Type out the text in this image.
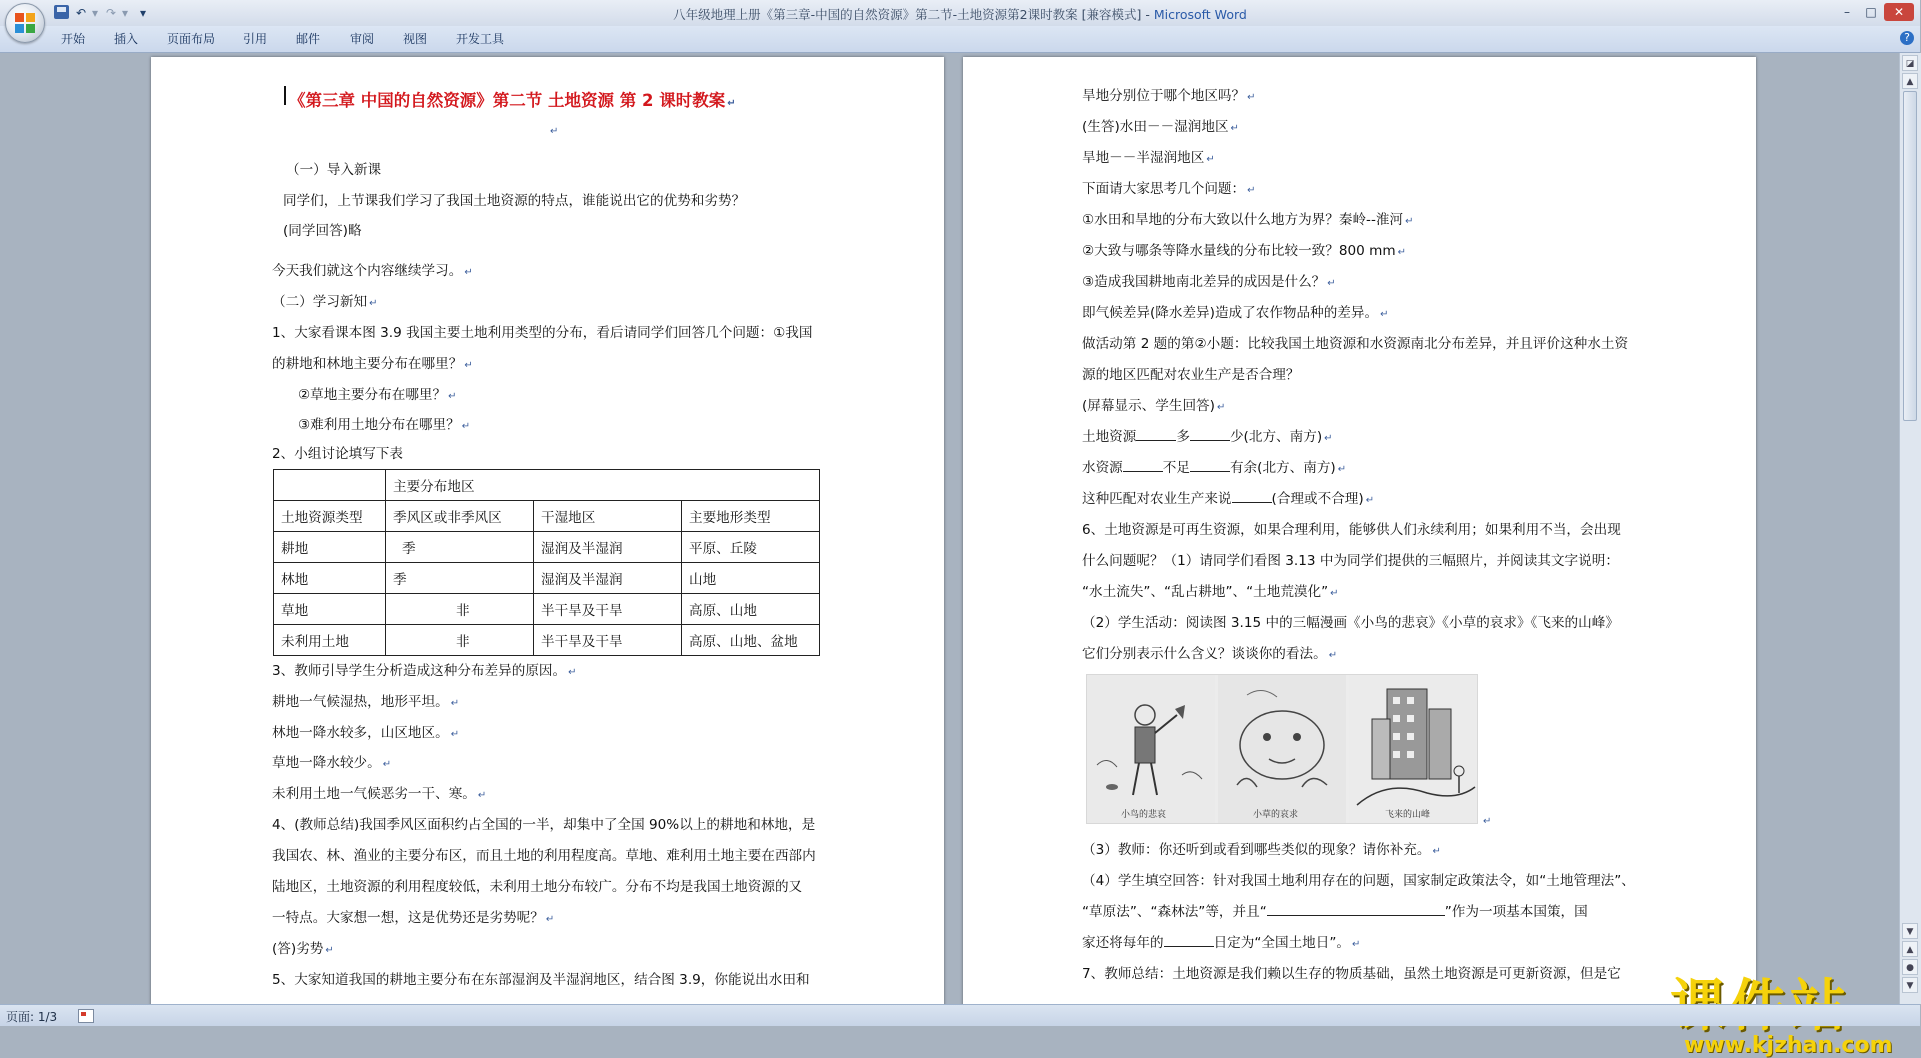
↶ ▾ ↷ ▾ ▾	八年级地理上册《第三章-中国的自然资源》第二节-土地资源第2课时教案 [兼容模式] - Microsoft Word	–	□	✕
开始 插入 页面布局 引用 邮件 审阅 视图 开发工具	?
《第三章 中国的自然资源》第二节 土地资源 第 2 课时教案 ↵
↵
（一）导入新课
同学们，上节课我们学习了我国土地资源的特点，谁能说出它的优势和劣势？
(同学回答)略
今天我们就这个内容继续学习。 ↵
（二）学习新知 ↵
1、大家看课本图 3.9 我国主要土地利用类型的分布，看后请同学们回答几个问题：①我国
的耕地和林地主要分布在哪里？ ↵
②草地主要分布在哪里？ ↵
③难利用土地分布在哪里？ ↵
2、小组讨论填写下表
	主要分布地区		
土地资源类型	季风区或非季风区	干湿地区	主要地形类型
耕地	季	湿润及半湿润	平原、丘陵
林地	季	湿润及半湿润	山地
草地	非	半干旱及干旱	高原、山地
未利用土地	非	半干旱及干旱	高原、山地、盆地
3、教师引导学生分析造成这种分布差异的原因。 ↵
耕地一气候湿热，地形平坦。 ↵
林地一降水较多，山区地区。 ↵
草地一降水较少。 ↵
未利用土地一气候恶劣一干、寒。 ↵
4、(教师总结)我国季风区面积约占全国的一半，却集中了全国 90%以上的耕地和林地，是
我国农、林、渔业的主要分布区，而且土地的利用程度高。草地、难利用土地主要在西部内
陆地区，土地资源的利用程度较低，未利用土地分布较广。分布不均是我国土地资源的又
一特点。大家想一想，这是优势还是劣势呢？ ↵
(答)劣势 ↵
5、大家知道我国的耕地主要分布在东部湿润及半湿润地区，结合图 3.9，你能说出水田和
旱地分别位于哪个地区吗？ ↵
(生答)水田－－湿润地区 ↵
旱地－－半湿润地区 ↵
下面请大家思考几个问题： ↵
①水田和旱地的分布大致以什么地方为界？秦岭--淮河 ↵
②大致与哪条等降水量线的分布比较一致？800 mm ↵
③造成我国耕地南北差异的成因是什么？ ↵
即气候差异(降水差异)造成了农作物品种的差异。 ↵
做活动第 2 题的第②小题：比较我国土地资源和水资源南北分布差异，并且评价这种水土资
源的地区匹配对农业生产是否合理？
(屏幕显示、学生回答) ↵
土地资源	多	少(北方、南方) ↵
水资源	不足	有余(北方、南方) ↵
这种匹配对农业生产来说	(合理或不合理) ↵
6、土地资源是可再生资源，如果合理利用，能够供人们永续利用；如果利用不当，会出现
什么问题呢？（1）请同学们看图 3.13 中为同学们提供的三幅照片，并阅读其文字说明：
“水土流失”、“乱占耕地”、“土地荒漠化” ↵
（2）学生活动：阅读图 3.15 中的三幅漫画《小鸟的悲哀》《小草的哀求》《飞来的山峰》
它们分别表示什么含义？谈谈你的看法。 ↵
小鸟的悲哀	小草的哀求	飞来的山峰
↵
（3）教师：你还听到或看到哪些类似的现象？请你补充。 ↵
（4）学生填空回答：针对我国土地利用存在的问题，国家制定政策法令，如“土地管理法”、
“草原法”、“森林法”等，并且“	”作为一项基本国策，国
家还将每年的	日定为“全国土地日”。 ↵
7、教师总结：土地资源是我们赖以生存的物质基础，虽然土地资源是可更新资源，但是它
www.kjzhan.com
◪
▲
▼
▲
●
▼
页面: 1/3
